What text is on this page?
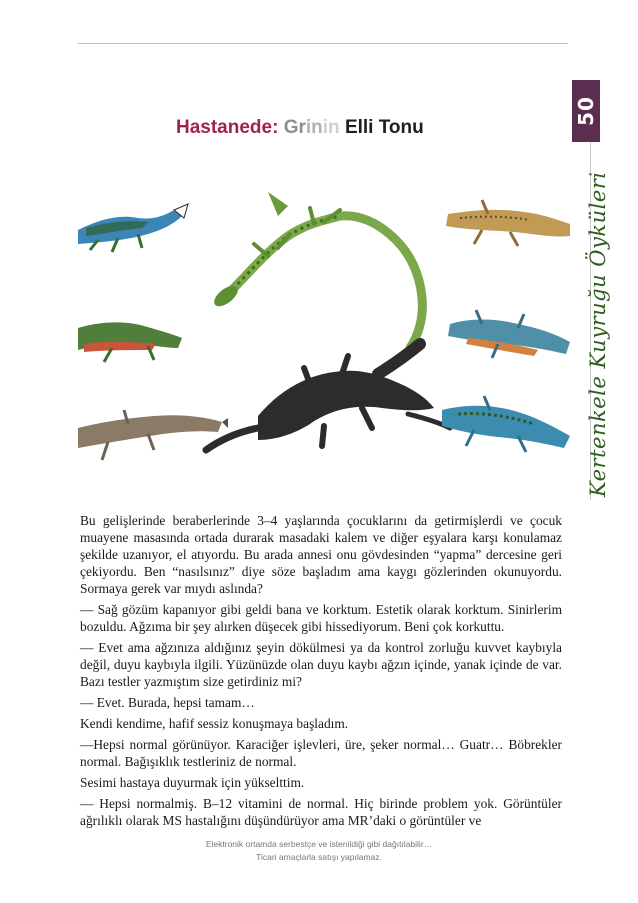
50
Kertenkele Kuyruğu Öyküleri
Hastanede: Grinin Elli Tonu

Bu gelişlerinde beraberlerinde 3–4 yaşlarında çocuklarını da getirmişlerdi ve çocuk muayene masasında ortada durarak masadaki kalem ve diğer eşyalara karşı konulamaz şekilde uzanıyor, el atıyordu. Bu arada annesi onu gövdesinden “yapma” dercesine geri çekiyordu. Ben “nasılsınız” diye söze başladım ama kaygı gözlerinden okunuyordu. Sormaya gerek var mıydı aslında?

— Sağ gözüm kapanıyor gibi geldi bana ve korktum. Estetik olarak korktum. Sinirlerim bozuldu. Ağzıma bir şey alırken düşecek gibi hissediyorum. Beni çok korkuttu.

— Evet ama ağzınıza aldığınız şeyin dökülmesi ya da kontrol zorluğu kuvvet kaybıyla değil, duyu kaybıyla ilgili. Yüzünüzde olan duyu kaybı ağzın içinde, yanak içinde de var. Bazı testler yazmıştım size getirdiniz mi?

— Evet. Burada, hepsi tamam…

Kendi kendime, hafif sessiz konuşmaya başladım.

—Hepsi normal görünüyor. Karaciğer işlevleri, üre, şeker normal… Guatr… Böbrekler normal. Bağışıklık testleriniz de normal.

Sesimi hastaya duyurmak için yükselttim.

— Hepsi normalmiş. B–12 vitamini de normal. Hiç birinde problem yok. Görüntüler ağrılıklı olarak MS hastalığını düşündürüyor ama MR’daki o görüntüler ve

Elektronik ortamda serbestçe ve istenildiği gibi dağıtılabilir…
Ticari amaçlarla satışı yapılamaz.
